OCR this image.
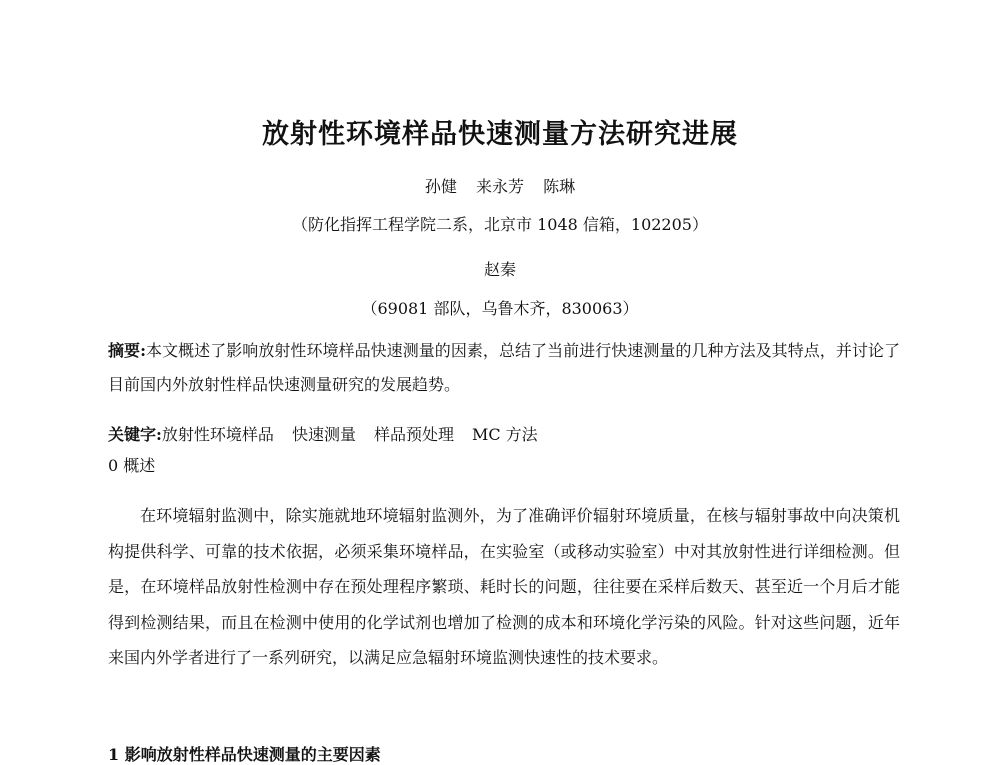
放射性环境样品快速测量方法研究进展
孙健 来永芳 陈琳
（防化指挥工程学院二系，北京市 1048 信箱，102205）
赵秦
（69081 部队，乌鲁木齐，830063）
摘要:本文概述了影响放射性环境样品快速测量的因素，总结了当前进行快速测量的几种方法及其特点，并讨论了目前国内外放射性样品快速测量研究的发展趋势。
关键字:放射性环境样品 快速测量 样品预处理 MC 方法
0 概述
在环境辐射监测中，除实施就地环境辐射监测外，为了准确评价辐射环境质量，在核与辐射事故中向决策机构提供科学、可靠的技术依据，必须采集环境样品，在实验室（或移动实验室）中对其放射性进行详细检测。但是，在环境样品放射性检测中存在预处理程序繁琐、耗时长的问题，往往要在采样后数天、甚至近一个月后才能得到检测结果，而且在检测中使用的化学试剂也增加了检测的成本和环境化学污染的风险。针对这些问题，近年来国内外学者进行了一系列研究，以满足应急辐射环境监测快速性的技术要求。
1 影响放射性样品快速测量的主要因素
